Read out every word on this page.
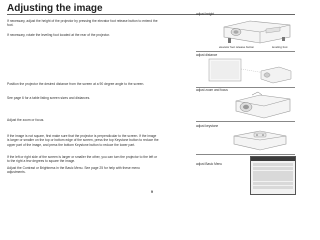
Adjusting the image
If necessary, adjust the height of the projector by pressing the elevator foot release button to extend the foot.
If necessary, rotate the leveling foot located at the rear of the projector.
Position the projector the desired distance from the screen at a 90 degree angle to the screen.
See page 6 for a table listing screen sizes and distances.
Adjust the zoom or focus.
If the image is not square, first make sure that the projector is perpendicular to the screen. If the image is larger or smaller on the top or bottom edge of the screen, press the top Keystone button to reduce the upper part of the image, and press the bottom Keystone button to reduce the lower part.
If the left or right side of the screen is larger or smaller the other, you can turn the projector to the left or to the right a few degrees to square the image.
Adjust the Contrast or Brightness in the Basic Menu. See page 25 for help with these menu adjustments.
adjust height
elevator foot release button	leveling foot
adjust distance
adjust zoom and focus
adjust keystone
adjust Basic Menu
9
